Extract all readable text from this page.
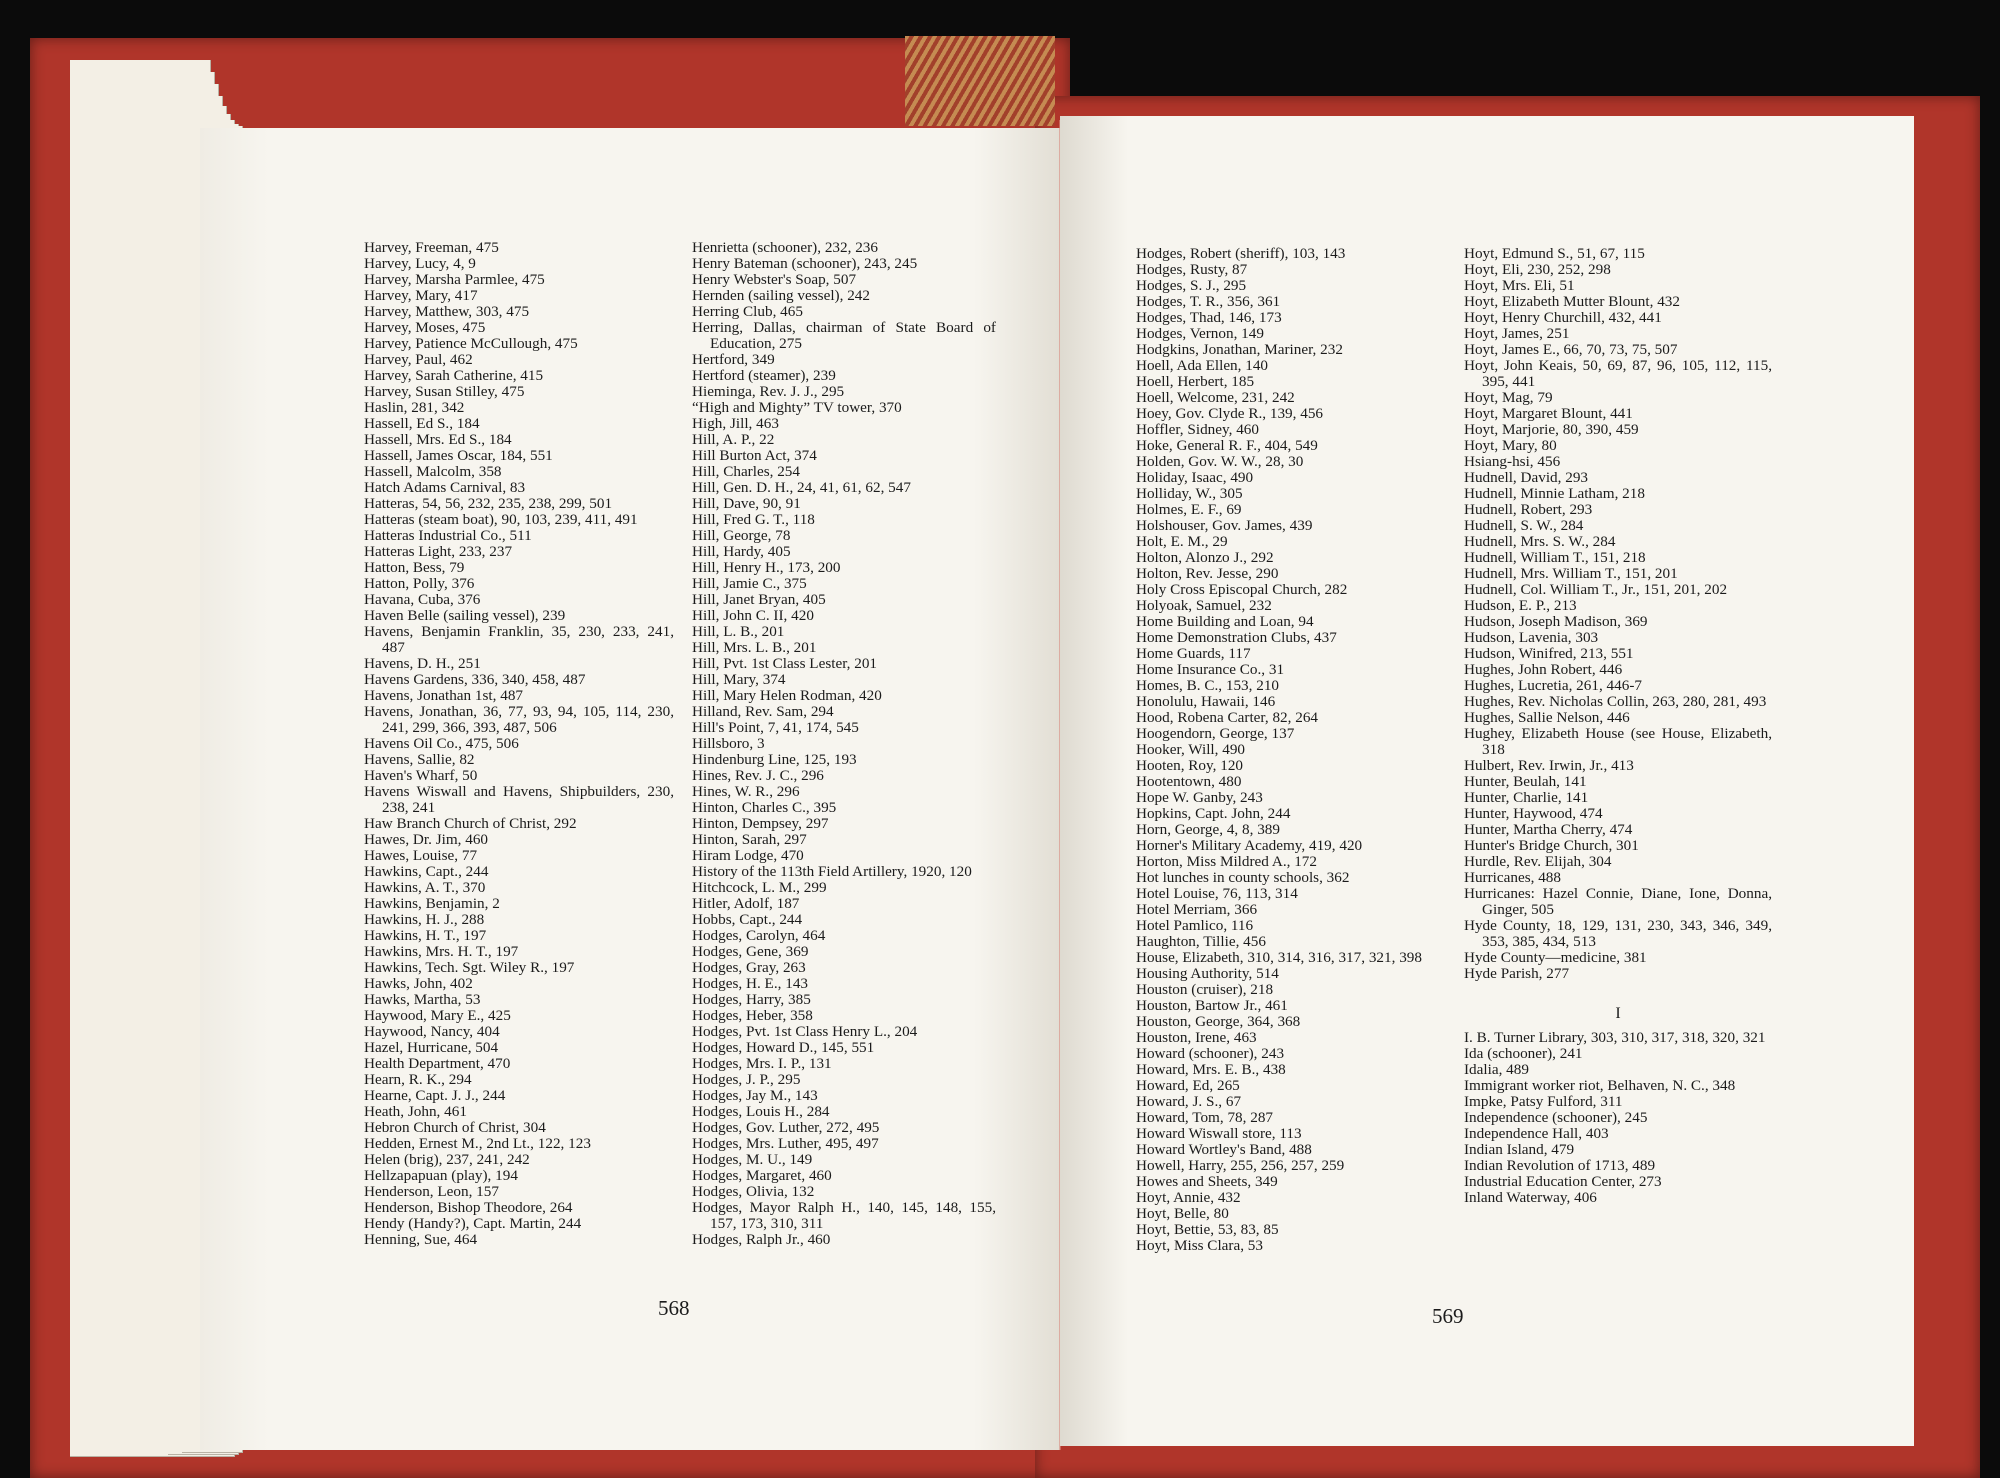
Harvey, Freeman, 475

Harvey, Lucy, 4, 9

Harvey, Marsha Parmlee, 475

Harvey, Mary, 417

Harvey, Matthew, 303, 475

Harvey, Moses, 475

Harvey, Patience McCullough, 475

Harvey, Paul, 462

Harvey, Sarah Catherine, 415

Harvey, Susan Stilley, 475

Haslin, 281, 342

Hassell, Ed S., 184

Hassell, Mrs. Ed S., 184

Hassell, James Oscar, 184, 551

Hassell, Malcolm, 358

Hatch Adams Carnival, 83

Hatteras, 54, 56, 232, 235, 238, 299, 501

Hatteras (steam boat), 90, 103, 239, 411, 491

Hatteras Industrial Co., 511

Hatteras Light, 233, 237

Hatton, Bess, 79

Hatton, Polly, 376

Havana, Cuba, 376

Haven Belle (sailing vessel), 239

Havens, Benjamin Franklin, 35, 230, 233, 241, 487

Havens, D. H., 251

Havens Gardens, 336, 340, 458, 487

Havens, Jonathan 1st, 487

Havens, Jonathan, 36, 77, 93, 94, 105, 114, 230, 241, 299, 366, 393, 487, 506

Havens Oil Co., 475, 506

Havens, Sallie, 82

Haven's Wharf, 50

Havens Wiswall and Havens, Shipbuilders, 230, 238, 241

Haw Branch Church of Christ, 292

Hawes, Dr. Jim, 460

Hawes, Louise, 77

Hawkins, Capt., 244

Hawkins, A. T., 370

Hawkins, Benjamin, 2

Hawkins, H. J., 288

Hawkins, H. T., 197

Hawkins, Mrs. H. T., 197

Hawkins, Tech. Sgt. Wiley R., 197

Hawks, John, 402

Hawks, Martha, 53

Haywood, Mary E., 425

Haywood, Nancy, 404

Hazel, Hurricane, 504

Health Department, 470

Hearn, R. K., 294

Hearne, Capt. J. J., 244

Heath, John, 461

Hebron Church of Christ, 304

Hedden, Ernest M., 2nd Lt., 122, 123

Helen (brig), 237, 241, 242

Hellzapapuan (play), 194

Henderson, Leon, 157

Henderson, Bishop Theodore, 264

Hendy (Handy?), Capt. Martin, 244

Henning, Sue, 464

Henrietta (schooner), 232, 236

Henry Bateman (schooner), 243, 245

Henry Webster's Soap, 507

Hernden (sailing vessel), 242

Herring Club, 465

Herring, Dallas, chairman of State Board of Education, 275

Hertford, 349

Hertford (steamer), 239

Hieminga, Rev. J. J., 295

“High and Mighty” TV tower, 370

High, Jill, 463

Hill, A. P., 22

Hill Burton Act, 374

Hill, Charles, 254

Hill, Gen. D. H., 24, 41, 61, 62, 547

Hill, Dave, 90, 91

Hill, Fred G. T., 118

Hill, George, 78

Hill, Hardy, 405

Hill, Henry H., 173, 200

Hill, Jamie C., 375

Hill, Janet Bryan, 405

Hill, John C. II, 420

Hill, L. B., 201

Hill, Mrs. L. B., 201

Hill, Pvt. 1st Class Lester, 201

Hill, Mary, 374

Hill, Mary Helen Rodman, 420

Hilland, Rev. Sam, 294

Hill's Point, 7, 41, 174, 545

Hillsboro, 3

Hindenburg Line, 125, 193

Hines, Rev. J. C., 296

Hines, W. R., 296

Hinton, Charles C., 395

Hinton, Dempsey, 297

Hinton, Sarah, 297

Hiram Lodge, 470

History of the 113th Field Artillery, 1920, 120

Hitchcock, L. M., 299

Hitler, Adolf, 187

Hobbs, Capt., 244

Hodges, Carolyn, 464

Hodges, Gene, 369

Hodges, Gray, 263

Hodges, H. E., 143

Hodges, Harry, 385

Hodges, Heber, 358

Hodges, Pvt. 1st Class Henry L., 204

Hodges, Howard D., 145, 551

Hodges, Mrs. I. P., 131

Hodges, J. P., 295

Hodges, Jay M., 143

Hodges, Louis H., 284

Hodges, Gov. Luther, 272, 495

Hodges, Mrs. Luther, 495, 497

Hodges, M. U., 149

Hodges, Margaret, 460

Hodges, Olivia, 132

Hodges, Mayor Ralph H., 140, 145, 148, 155, 157, 173, 310, 311

Hodges, Ralph Jr., 460

568

Hodges, Robert (sheriff), 103, 143

Hodges, Rusty, 87

Hodges, S. J., 295

Hodges, T. R., 356, 361

Hodges, Thad, 146, 173

Hodges, Vernon, 149

Hodgkins, Jonathan, Mariner, 232

Hoell, Ada Ellen, 140

Hoell, Herbert, 185

Hoell, Welcome, 231, 242

Hoey, Gov. Clyde R., 139, 456

Hoffler, Sidney, 460

Hoke, General R. F., 404, 549

Holden, Gov. W. W., 28, 30

Holiday, Isaac, 490

Holliday, W., 305

Holmes, E. F., 69

Holshouser, Gov. James, 439

Holt, E. M., 29

Holton, Alonzo J., 292

Holton, Rev. Jesse, 290

Holy Cross Episcopal Church, 282

Holyoak, Samuel, 232

Home Building and Loan, 94

Home Demonstration Clubs, 437

Home Guards, 117

Home Insurance Co., 31

Homes, B. C., 153, 210

Honolulu, Hawaii, 146

Hood, Robena Carter, 82, 264

Hoogendorn, George, 137

Hooker, Will, 490

Hooten, Roy, 120

Hootentown, 480

Hope W. Ganby, 243

Hopkins, Capt. John, 244

Horn, George, 4, 8, 389

Horner's Military Academy, 419, 420

Horton, Miss Mildred A., 172

Hot lunches in county schools, 362

Hotel Louise, 76, 113, 314

Hotel Merriam, 366

Hotel Pamlico, 116

Haughton, Tillie, 456

House, Elizabeth, 310, 314, 316, 317, 321, 398

Housing Authority, 514

Houston (cruiser), 218

Houston, Bartow Jr., 461

Houston, George, 364, 368

Houston, Irene, 463

Howard (schooner), 243

Howard, Mrs. E. B., 438

Howard, Ed, 265

Howard, J. S., 67

Howard, Tom, 78, 287

Howard Wiswall store, 113

Howard Wortley's Band, 488

Howell, Harry, 255, 256, 257, 259

Howes and Sheets, 349

Hoyt, Annie, 432

Hoyt, Belle, 80

Hoyt, Bettie, 53, 83, 85

Hoyt, Miss Clara, 53

Hoyt, Edmund S., 51, 67, 115

Hoyt, Eli, 230, 252, 298

Hoyt, Mrs. Eli, 51

Hoyt, Elizabeth Mutter Blount, 432

Hoyt, Henry Churchill, 432, 441

Hoyt, James, 251

Hoyt, James E., 66, 70, 73, 75, 507

Hoyt, John Keais, 50, 69, 87, 96, 105, 112, 115, 395, 441

Hoyt, Mag, 79

Hoyt, Margaret Blount, 441

Hoyt, Marjorie, 80, 390, 459

Hoyt, Mary, 80

Hsiang-hsi, 456

Hudnell, David, 293

Hudnell, Minnie Latham, 218

Hudnell, Robert, 293

Hudnell, S. W., 284

Hudnell, Mrs. S. W., 284

Hudnell, William T., 151, 218

Hudnell, Mrs. William T., 151, 201

Hudnell, Col. William T., Jr., 151, 201, 202

Hudson, E. P., 213

Hudson, Joseph Madison, 369

Hudson, Lavenia, 303

Hudson, Winifred, 213, 551

Hughes, John Robert, 446

Hughes, Lucretia, 261, 446-7

Hughes, Rev. Nicholas Collin, 263, 280, 281, 493

Hughes, Sallie Nelson, 446

Hughey, Elizabeth House (see House, Elizabeth, 318

Hulbert, Rev. Irwin, Jr., 413

Hunter, Beulah, 141

Hunter, Charlie, 141

Hunter, Haywood, 474

Hunter, Martha Cherry, 474

Hunter's Bridge Church, 301

Hurdle, Rev. Elijah, 304

Hurricanes, 488

Hurricanes: Hazel Connie, Diane, Ione, Donna, Ginger, 505

Hyde County, 18, 129, 131, 230, 343, 346, 349, 353, 385, 434, 513

Hyde County—medicine, 381

Hyde Parish, 277

I

I. B. Turner Library, 303, 310, 317, 318, 320, 321

Ida (schooner), 241

Idalia, 489

Immigrant worker riot, Belhaven, N. C., 348

Impke, Patsy Fulford, 311

Independence (schooner), 245

Independence Hall, 403

Indian Island, 479

Indian Revolution of 1713, 489

Industrial Education Center, 273

Inland Waterway, 406

569
